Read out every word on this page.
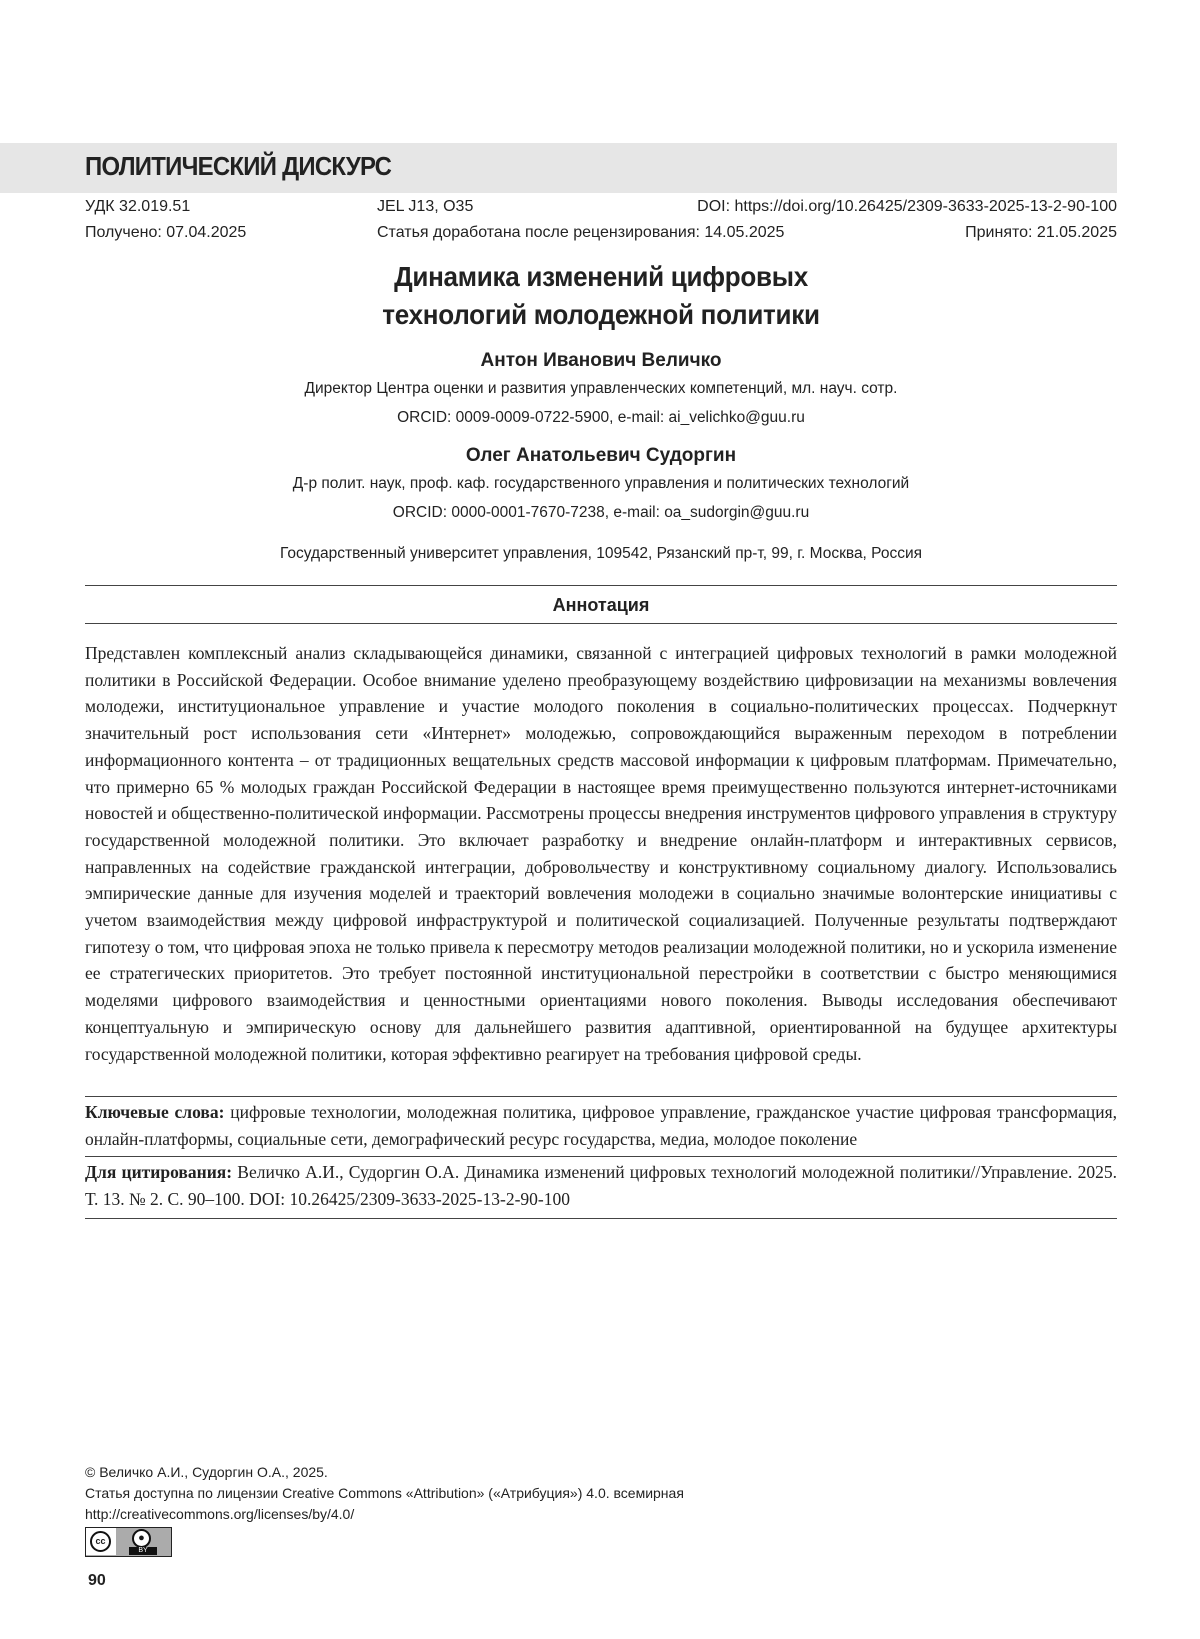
ПОЛИТИЧЕСКИЙ ДИСКУРС
УДК 32.019.51	JEL J13, O35	DOI: https://doi.org/10.26425/2309-3633-2025-13-2-90-100
Получено: 07.04.2025	Статья доработана после рецензирования: 14.05.2025	Принято: 21.05.2025
Динамика изменений цифровых
технологий молодежной политики

Антон Иванович Величко

Директор Центра оценки и развития управленческих компетенций, мл. науч. сотр.

ORCID: 0009-0009-0722-5900, e-mail: ai_velichko@guu.ru

Олег Анатольевич Судоргин

Д-р полит. наук, проф. каф. государственного управления и политических технологий

ORCID: 0000-0001-7670-7238, e-mail: oa_sudorgin@guu.ru

Государственный университет управления, 109542, Рязанский пр-т, 99, г. Москва, Россия

Аннотация

Представлен комплексный анализ складывающейся динамики, связанной с интеграцией цифровых технологий в рамки молодежной политики в Российской Федерации. Особое внимание уделено преобразующему воздействию цифровизации на механизмы вовлечения молодежи, институциональное управление и участие молодого поколения в социально-политических процессах. Подчеркнут значительный рост использования сети «Интернет» молодежью, сопровождающийся выраженным переходом в потреблении информационного контента – от традиционных вещательных средств массовой информации к цифровым платформам. Примечательно, что примерно 65 % молодых граждан Российской Федерации в настоящее время преимущественно пользуются интернет-источниками новостей и общественно-политической информации. Рассмотрены процессы внедрения инструментов цифрового управления в структуру государственной молодежной политики. Это включает разработку и внедрение онлайн-платформ и интерактивных сервисов, направленных на содействие гражданской интеграции, добровольчеству и конструктивному социальному диалогу. Использовались эмпирические данные для изучения моделей и траекторий вовлечения молодежи в социально значимые волонтерские инициативы с учетом взаимодействия между цифровой инфраструктурой и политической социализацией. Полученные результаты подтверждают гипотезу о том, что цифровая эпоха не только привела к пересмотру методов реализации молодежной политики, но и ускорила изменение ее стратегических приоритетов. Это требует постоянной институциональной перестройки в соответствии с быстро меняющимися моделями цифрового взаимодействия и ценностными ориентациями нового поколения. Выводы исследования обеспечивают концептуальную и эмпирическую основу для дальнейшего развития адаптивной, ориентированной на будущее архитектуры государственной молодежной политики, которая эффективно реагирует на требования цифровой среды.

Ключевые слова: цифровые технологии, молодежная политика, цифровое управление, гражданское участие цифровая трансформация, онлайн-платформы, социальные сети, демографический ресурс государства, медиа, молодое поколение

Для цитирования: Величко А.И., Судоргин О.А. Динамика изменений цифровых технологий молодежной политики//Управление. 2025. Т. 13. № 2. С. 90–100. DOI: 10.26425/2309-3633-2025-13-2-90-100

© Величко А.И., Судоргин О.А., 2025.
Статья доступна по лицензии Creative Commons «Attribution» («Атрибуция») 4.0. всемирная
http://creativecommons.org/licenses/by/4.0/
cc	●
BY
90
